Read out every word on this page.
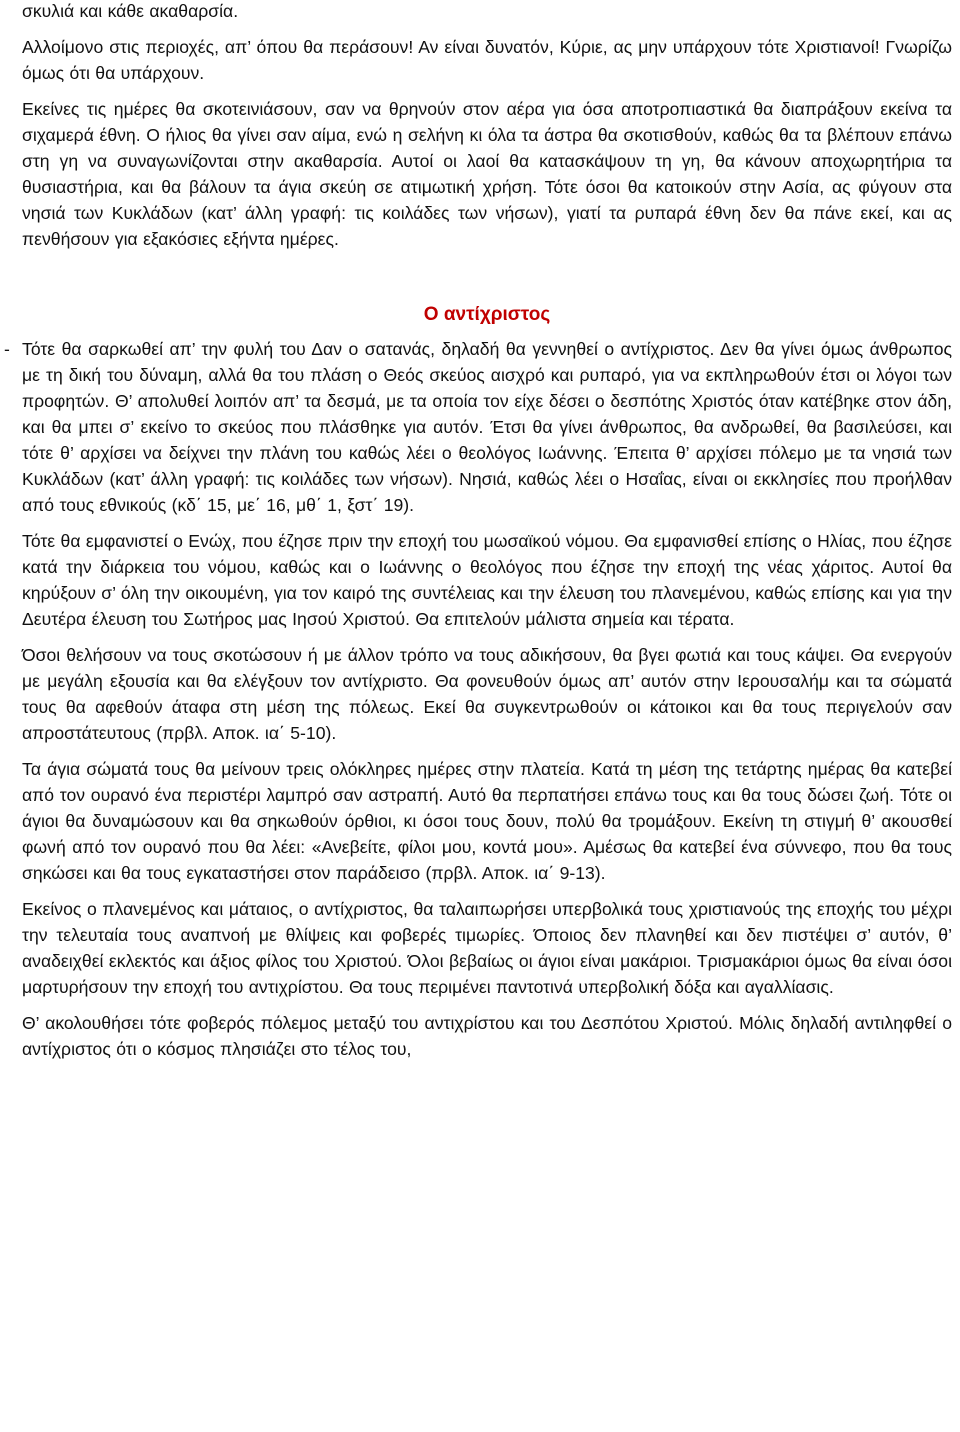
σκυλιά και κάθε ακαθαρσία.

Αλλοίμονο στις περιοχές, απ’ όπου θα περάσουν! Αν είναι δυνατόν, Κύριε, ας μην υπάρχουν τότε Χριστιανοί! Γνωρίζω όμως ότι θα υπάρχουν.

Εκείνες τις ημέρες θα σκοτεινιάσουν, σαν να θρηνούν στον αέρα για όσα αποτροπιαστικά θα διαπράξουν εκείνα τα σιχαμερά έθνη. Ο ήλιος θα γίνει σαν αίμα, ενώ η σελήνη κι όλα τα άστρα θα σκοτισθούν, καθώς θα τα βλέπουν επάνω στη γη να συναγωνίζονται στην ακαθαρσία. Αυτοί οι λαοί θα κατασκάψουν τη γη, θα κάνουν αποχωρητήρια τα θυσιαστήρια, και θα βάλουν τα άγια σκεύη σε ατιμωτική χρήση. Τότε όσοι θα κατοικούν στην Ασία, ας φύγουν στα νησιά των Κυκλάδων (κατ’ άλλη γραφή: τις κοιλάδες των νήσων), γιατί τα ρυπαρά έθνη δεν θα πάνε εκεί, και ας πενθήσουν για εξακόσιες εξήντα ημέρες.

Ο αντίχριστος
- Τότε θα σαρκωθεί απ’ την φυλή του Δαν ο σατανάς, δηλαδή θα γεννηθεί ο αντίχριστος. Δεν θα γίνει όμως άνθρωπος με τη δική του δύναμη, αλλά θα του πλάση ο Θεός σκεύος αισχρό και ρυπαρό, για να εκπληρωθούν έτσι οι λόγοι των προφητών. Θ’ απολυθεί λοιπόν απ’ τα δεσμά, με τα οποία τον είχε δέσει ο δεσπότης Χριστός όταν κατέβηκε στον άδη, και θα μπει σ’ εκείνο το σκεύος που πλάσθηκε για αυτόν. Έτσι θα γίνει άνθρωπος, θα ανδρωθεί, θα βασιλεύσει, και τότε θ’ αρχίσει να δείχνει την πλάνη του καθώς λέει ο θεολόγος Ιωάννης. Έπειτα θ’ αρχίσει πόλεμο με τα νησιά των Κυκλάδων (κατ’ άλλη γραφή: τις κοιλάδες των νήσων). Νησιά, καθώς λέει ο Ησαΐας, είναι οι εκκλησίες που προήλθαν από τους εθνικούς (κδ΄ 15, με΄ 16, μθ΄ 1, ξστ΄ 19).

Τότε θα εμφανιστεί ο Ενώχ, που έζησε πριν την εποχή του μωσαϊκού νόμου. Θα εμφανισθεί επίσης ο Ηλίας, που έζησε κατά την διάρκεια του νόμου, καθώς και ο Ιωάννης ο θεολόγος που έζησε την εποχή της νέας χάριτος. Αυτοί θα κηρύξουν σ’ όλη την οικουμένη, για τον καιρό της συντέλειας και την έλευση του πλανεμένου, καθώς επίσης και για την Δευτέρα έλευση του Σωτήρος μας Ιησού Χριστού. Θα επιτελούν μάλιστα σημεία και τέρατα.

Όσοι θελήσουν να τους σκοτώσουν ή με άλλον τρόπο να τους αδικήσουν, θα βγει φωτιά και τους κάψει. Θα ενεργούν με μεγάλη εξουσία και θα ελέγξουν τον αντίχριστο. Θα φονευθούν όμως απ’ αυτόν στην Ιερουσαλήμ και τα σώματά τους θα αφεθούν άταφα στη μέση της πόλεως. Εκεί θα συγκεντρωθούν οι κάτοικοι και θα τους περιγελούν σαν απροστάτευτους (πρβλ. Αποκ. ια΄ 5-10).

Τα άγια σώματά τους θα μείνουν τρεις ολόκληρες ημέρες στην πλατεία. Κατά τη μέση της τετάρτης ημέρας θα κατεβεί από τον ουρανό ένα περιστέρι λαμπρό σαν αστραπή. Αυτό θα περπατήσει επάνω τους και θα τους δώσει ζωή. Τότε οι άγιοι θα δυναμώσουν και θα σηκωθούν όρθιοι, κι όσοι τους δουν, πολύ θα τρομάξουν. Εκείνη τη στιγμή θ’ ακουσθεί φωνή από τον ουρανό που θα λέει: «Ανεβείτε, φίλοι μου, κοντά μου». Αμέσως θα κατεβεί ένα σύννεφο, που θα τους σηκώσει και θα τους εγκαταστήσει στον παράδεισο (πρβλ. Αποκ. ια΄ 9-13).

Εκείνος ο πλανεμένος και μάταιος, ο αντίχριστος, θα ταλαιπωρήσει υπερβολικά τους χριστιανούς της εποχής του μέχρι την τελευταία τους αναπνοή με θλίψεις και φοβερές τιμωρίες. Όποιος δεν πλανηθεί και δεν πιστέψει σ’ αυτόν, θ’ αναδειχθεί εκλεκτός και άξιος φίλος του Χριστού. Όλοι βεβαίως οι άγιοι είναι μακάριοι. Τρισμακάριοι όμως θα είναι όσοι μαρτυρήσουν την εποχή του αντιχρίστου. Θα τους περιμένει παντοτινά υπερβολική δόξα και αγαλλίασις.

Θ’ ακολουθήσει τότε φοβερός πόλεμος μεταξύ του αντιχρίστου και του Δεσπότου Χριστού. Μόλις δηλαδή αντιληφθεί ο αντίχριστος ότι ο κόσμος πλησιάζει στο τέλος του,
